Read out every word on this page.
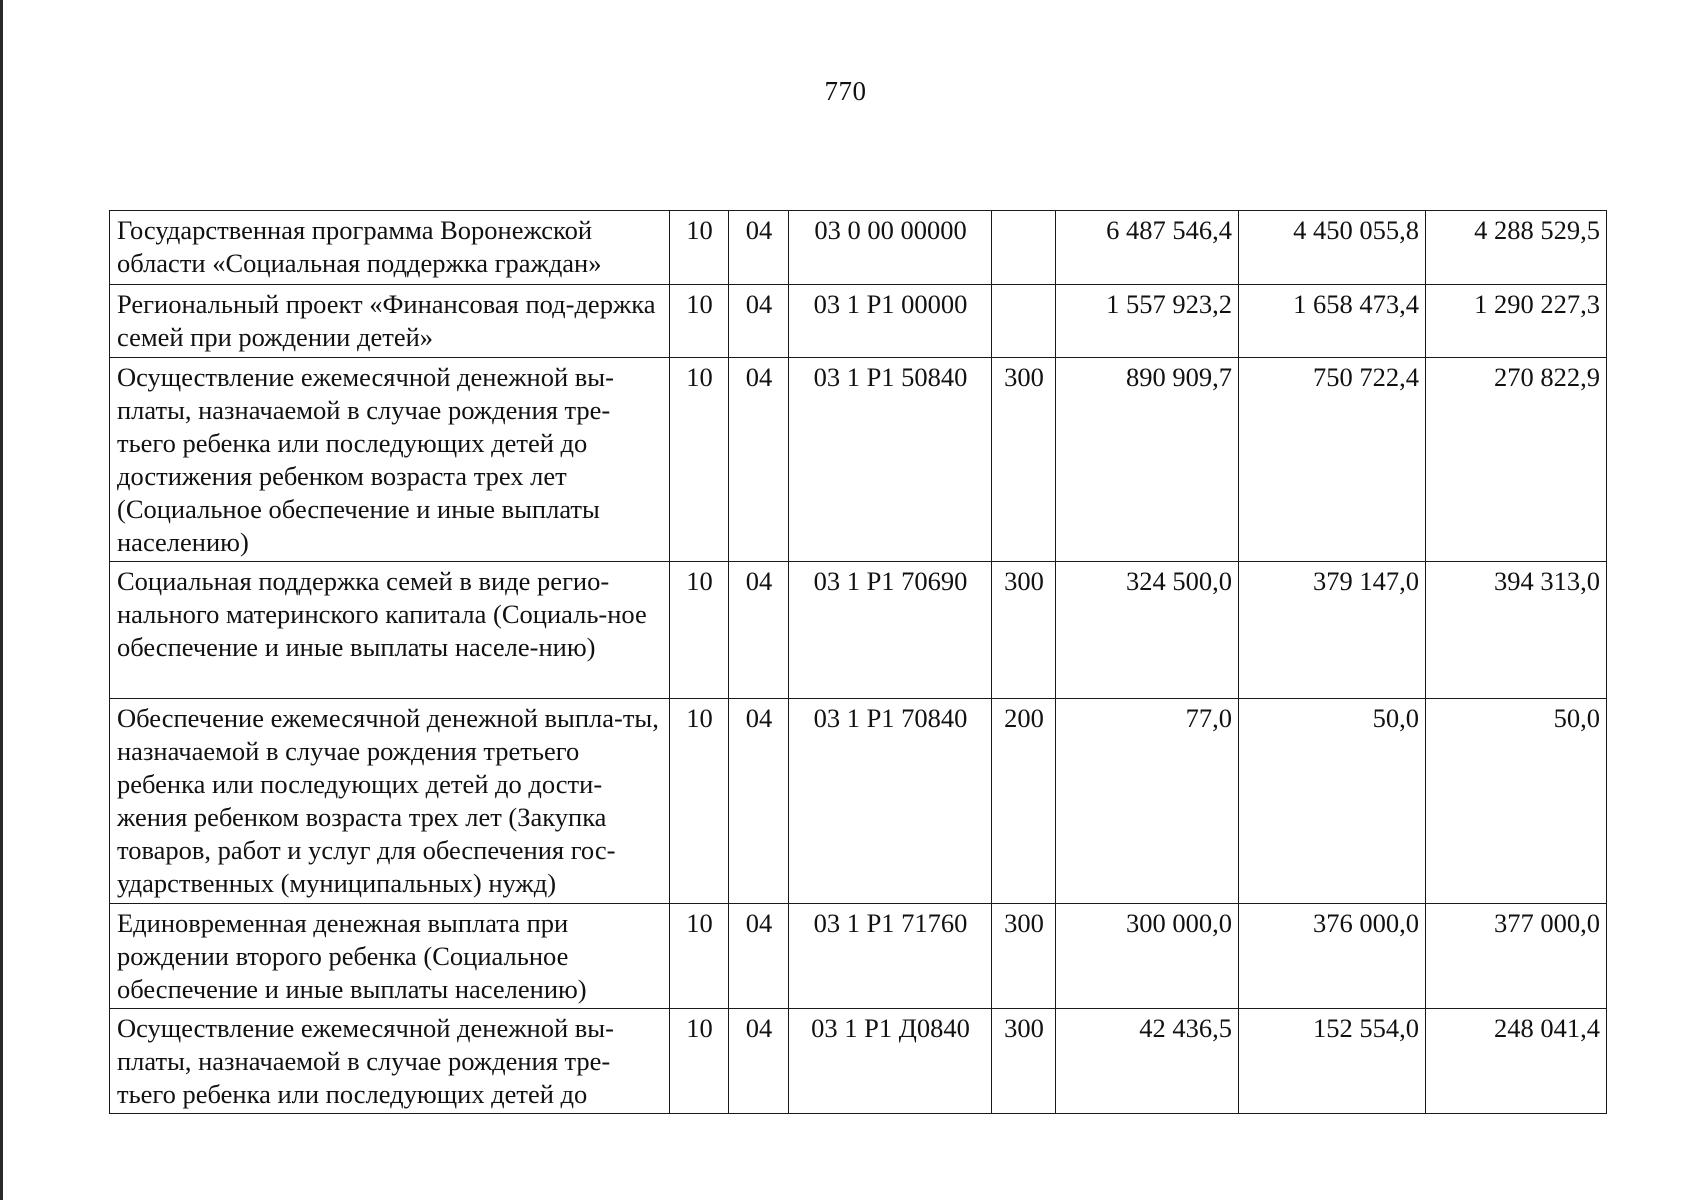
770
Государственная программа Воронежской области «Социальная поддержка граждан»	10	04	03 0 00 00000		6 487 546,4	4 450 055,8	4 288 529,5
Региональный проект «Финансовая под-держка семей при рождении детей»	10	04	03 1 P1 00000		1 557 923,2	1 658 473,4	1 290 227,3
Осуществление ежемесячной денежной вы-платы, назначаемой в случае рождения тре-тьего ребенка или последующих детей до достижения ребенком возраста трех лет (Социальное обеспечение и иные выплаты населению)	10	04	03 1 P1 50840	300	890 909,7	750 722,4	270 822,9
Социальная поддержка семей в виде регио-нального материнского капитала (Социаль-ное обеспечение и иные выплаты населе-нию)	10	04	03 1 P1 70690	300	324 500,0	379 147,0	394 313,0
Обеспечение ежемесячной денежной выпла-ты, назначаемой в случае рождения третьего ребенка или последующих детей до дости-жения ребенком возраста трех лет (Закупка товаров, работ и услуг для обеспечения гос-ударственных (муниципальных) нужд)	10	04	03 1 P1 70840	200	77,0	50,0	50,0
Единовременная денежная выплата при рождении второго ребенка (Социальное обеспечение и иные выплаты населению)	10	04	03 1 P1 71760	300	300 000,0	376 000,0	377 000,0
Осуществление ежемесячной денежной вы-платы, назначаемой в случае рождения тре-тьего ребенка или последующих детей до	10	04	03 1 P1 Д0840	300	42 436,5	152 554,0	248 041,4
